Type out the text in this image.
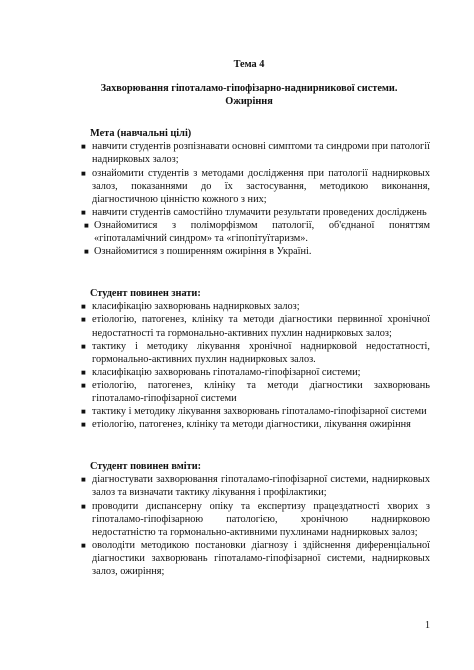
Тема 4
Захворювання гіпоталамо-гіпофізарно-наднирникової системи.
Ожиріння
Мета (навчальні цілі)
■ навчити студентів розпізнавати основні симптоми та синдроми при патології наднирковых залоз;
■ ознайомити студентів з методами дослідження при патології наднирковых залоз, показаннями до їх застосування, методикою виконання, діагностичною цінністю кожного з них;
■ навчити студентів самостійно тлумачити результати проведених досліджень
■ Ознайомитися з поліморфізмом патології, об'єднаної поняттям «гіпоталамічний синдром» та «гіпопітуїтаризм».
■ Ознайомитися з поширенням ожиріння в Україні.
Студент повинен знати:
■ класифікацію захворювань наднирковых залоз;
■ етіологію, патогенез, клініку та методи діагностики первинної хронічної недостатності та гормонально-активних пухлин наднирковых залоз;
■ тактику і методику лікування хронічної наднирковой недостатності, гормонально-активних пухлин наднирковых залоз.
■ класифікацію захворювань гіпоталамо-гіпофізарної системи;
■ етіологію, патогенез, клініку та методи діагностики захворювань гіпоталамо-гіпофізарної системи
■ тактику і методику лікування захворювань гіпоталамо-гіпофізарної системи
■ етіологію, патогенез, клініку та методи діагностики, лікування ожиріння
Студент повинен вміти:
■ діагностувати захворювання гіпоталамо-гіпофізарної системи, наднирковых залоз та визначати тактику лікування і профілактики;
■ проводити диспансерну опіку та експертизу працездатності хворих з гіпоталамо-гіпофізарною патологією, хронічною наднирковою недостатністю та гормонально-активними пухлинами наднирковых залоз;
■ оволодіти методикою постановки діагнозу і здійснення диференціальної діагностики захворювань гіпоталамо-гіпофізарної системи, наднирковых залоз, ожиріння;
1
